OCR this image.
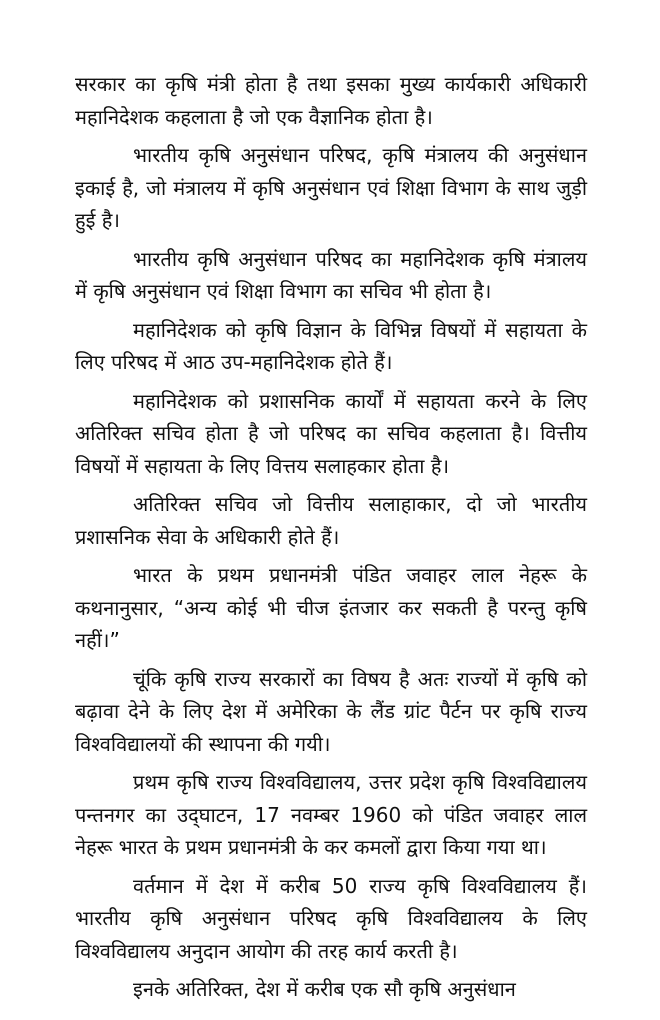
सरकार का कृषि मंत्री होता है तथा इसका मुख्य कार्यकारी अधिकारी महानिदेशक कहलाता है जो एक वैज्ञानिक होता है।

भारतीय कृषि अनुसंधान परिषद, कृषि मंत्रालय की अनुसंधान इकाई है, जो मंत्रालय में कृषि अनुसंधान एवं शिक्षा विभाग के साथ जुड़ी हुई है।

भारतीय कृषि अनुसंधान परिषद का महानिदेशक कृषि मंत्रालय में कृषि अनुसंधान एवं शिक्षा विभाग का सचिव भी होता है।

महानिदेशक को कृषि विज्ञान के विभिन्न विषयों में सहायता के लिए परिषद में आठ उप-महानिदेशक होते हैं।

महानिदेशक को प्रशासनिक कार्यों में सहायता करने के लिए अतिरिक्त सचिव होता है जो परिषद का सचिव कहलाता है। वित्तीय विषयों में सहायता के लिए वित्तय सलाहकार होता है।

अतिरिक्त सचिव जो वित्तीय सलाहाकार, दो जो भारतीय प्रशासनिक सेवा के अधिकारी होते हैं।

भारत के प्रथम प्रधानमंत्री पंडित जवाहर लाल नेहरू के कथनानुसार, “अन्य कोई भी चीज इंतजार कर सकती है परन्तु कृषि नहीं।”

चूंकि कृषि राज्य सरकारों का विषय है अतः राज्यों में कृषि को बढ़ावा देने के लिए देश में अमेरिका के लैंड ग्रांट पैर्टन पर कृषि राज्य विश्वविद्यालयों की स्थापना की गयी।

प्रथम कृषि राज्य विश्वविद्यालय, उत्तर प्रदेश कृषि विश्वविद्यालय पन्तनगर का उद्‌घाटन, 17 नवम्बर 1960 को पंडित जवाहर लाल नेहरू भारत के प्रथम प्रधानमंत्री के कर कमलों द्वारा किया गया था।

वर्तमान में देश में करीब 50 राज्य कृषि विश्वविद्यालय हैं। भारतीय कृषि अनुसंधान परिषद कृषि विश्वविद्यालय के लिए विश्वविद्यालय अनुदान आयोग की तरह कार्य करती है।

इनके अतिरिक्त, देश में करीब एक सौ कृषि अनुसंधान
